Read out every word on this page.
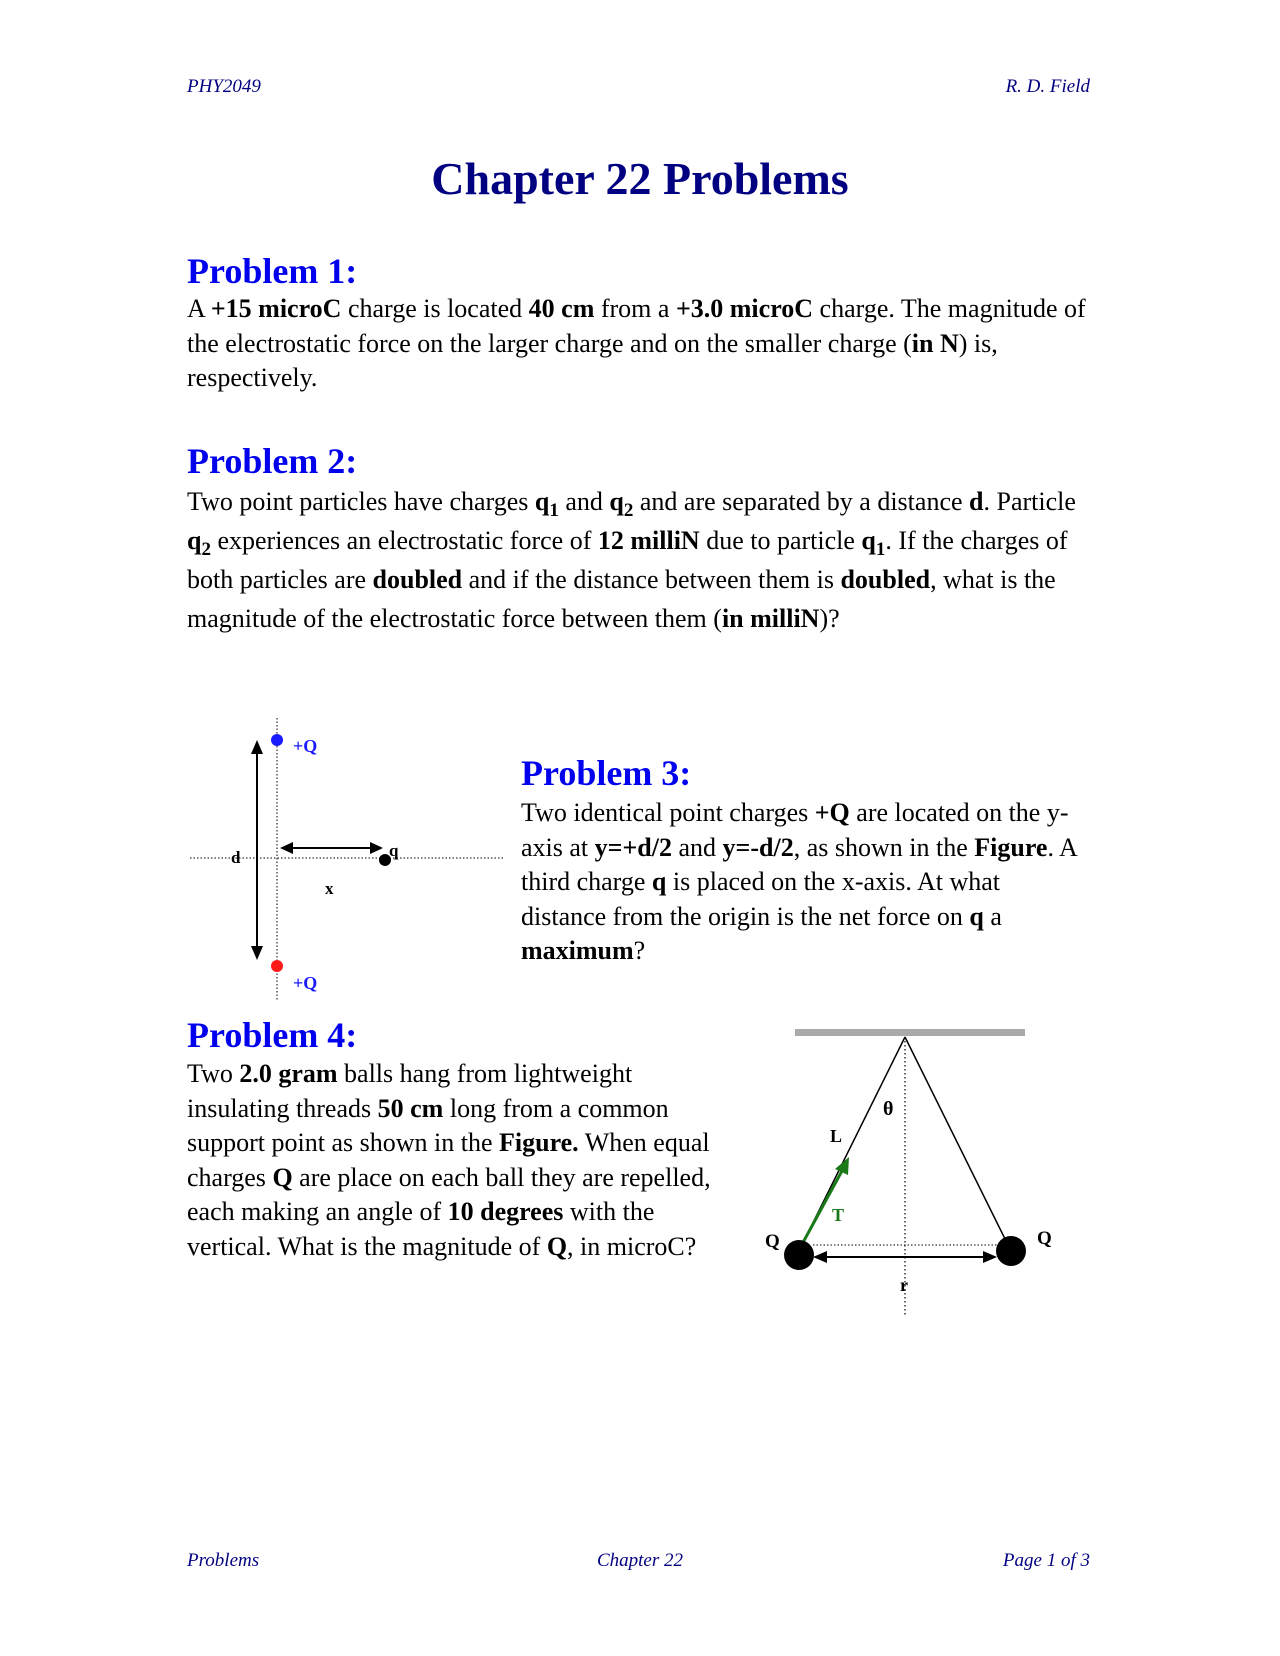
PHY2049	R. D. Field
Chapter 22 Problems
Problem 1:
A +15 microC charge is located 40 cm from a +3.0 microC charge. The magnitude of the electrostatic force on the larger charge and on the smaller charge (in N) is, respectively.
Problem 2:
Two point particles have charges $q_1$ and $q_2$ and are separated by a distance d. Particle $q_2$ experiences an electrostatic force of 12 milliN due to particle $q_1$. If the charges of both particles are doubled and if the distance between them is doubled, what is the magnitude of the electrostatic force between them (in milliN)?
d
x
q
+Q
+Q
Problem 3:
Two identical point charges +Q are located on the y-axis at y=+d/2 and y=-d/2, as shown in the Figure. A third charge q is placed on the x-axis. At what distance from the origin is the net force on q a maximum?
Problem 4:
Two 2.0 gram balls hang from lightweight insulating threads 50 cm long from a common support point as shown in the Figure. When equal charges Q are place on each ball they are repelled, each making an angle of 10 degrees with the vertical. What is the magnitude of Q, in microC?
T
θ
L
r
Q	Q
Problems	Chapter 22	Page 1 of 3
